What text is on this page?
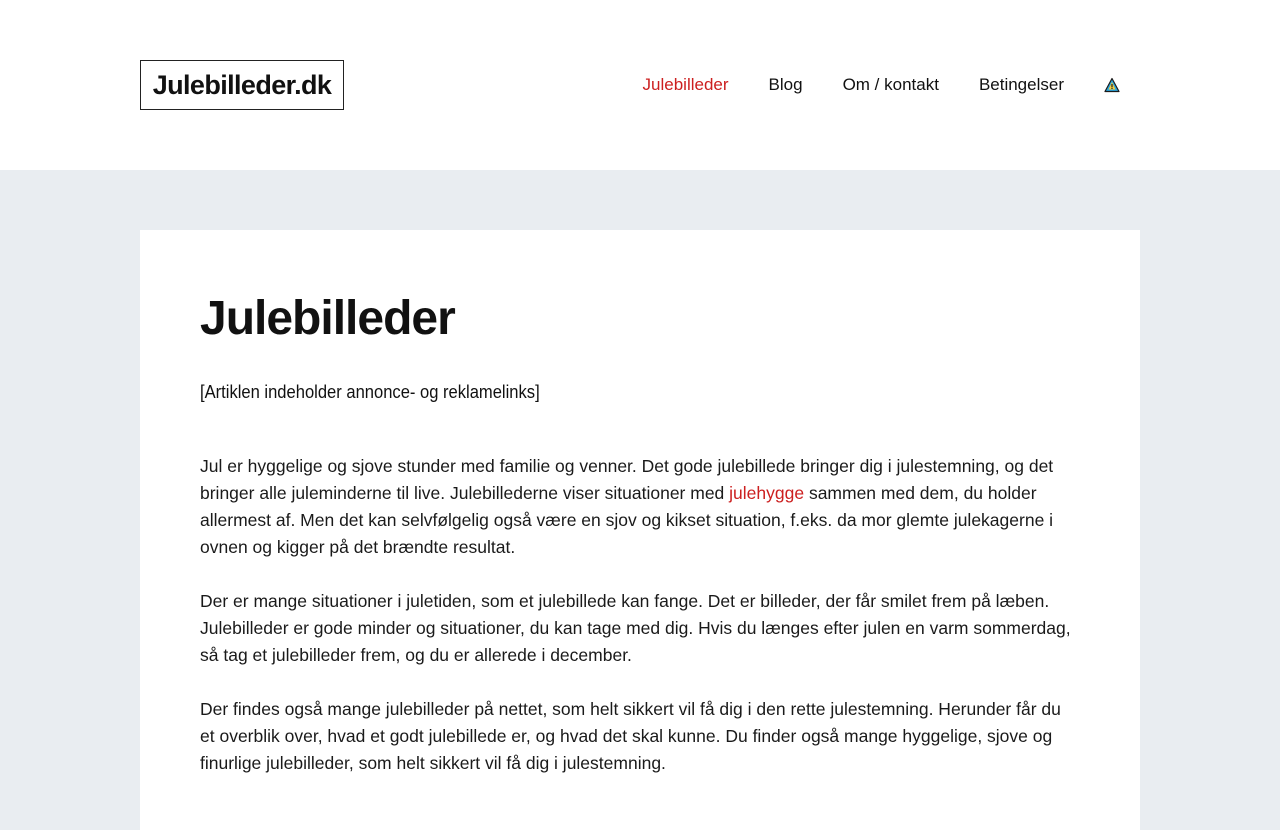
Julebilleder.dk	Julebilleder Blog Om / kontakt Betingelser
Julebilleder

[Artiklen indeholder annonce- og reklamelinks]

Jul er hyggelige og sjove stunder med familie og venner. Det gode julebillede bringer dig i julestemning, og det bringer alle juleminderne til live. Julebillederne viser situationer med julehygge sammen med dem, du holder allermest af. Men det kan selvfølgelig også være en sjov og kikset situation, f.eks. da mor glemte julekagerne i ovnen og kigger på det brændte resultat.

Der er mange situationer i juletiden, som et julebillede kan fange. Det er billeder, der får smilet frem på læben. Julebilleder er gode minder og situationer, du kan tage med dig. Hvis du længes efter julen en varm sommerdag, så tag et julebilleder frem, og du er allerede i december.

Der findes også mange julebilleder på nettet, som helt sikkert vil få dig i den rette julestemning. Herunder får du et overblik over, hvad et godt julebillede er, og hvad det skal kunne. Du finder også mange hyggelige, sjove og finurlige julebilleder, som helt sikkert vil få dig i julestemning.
